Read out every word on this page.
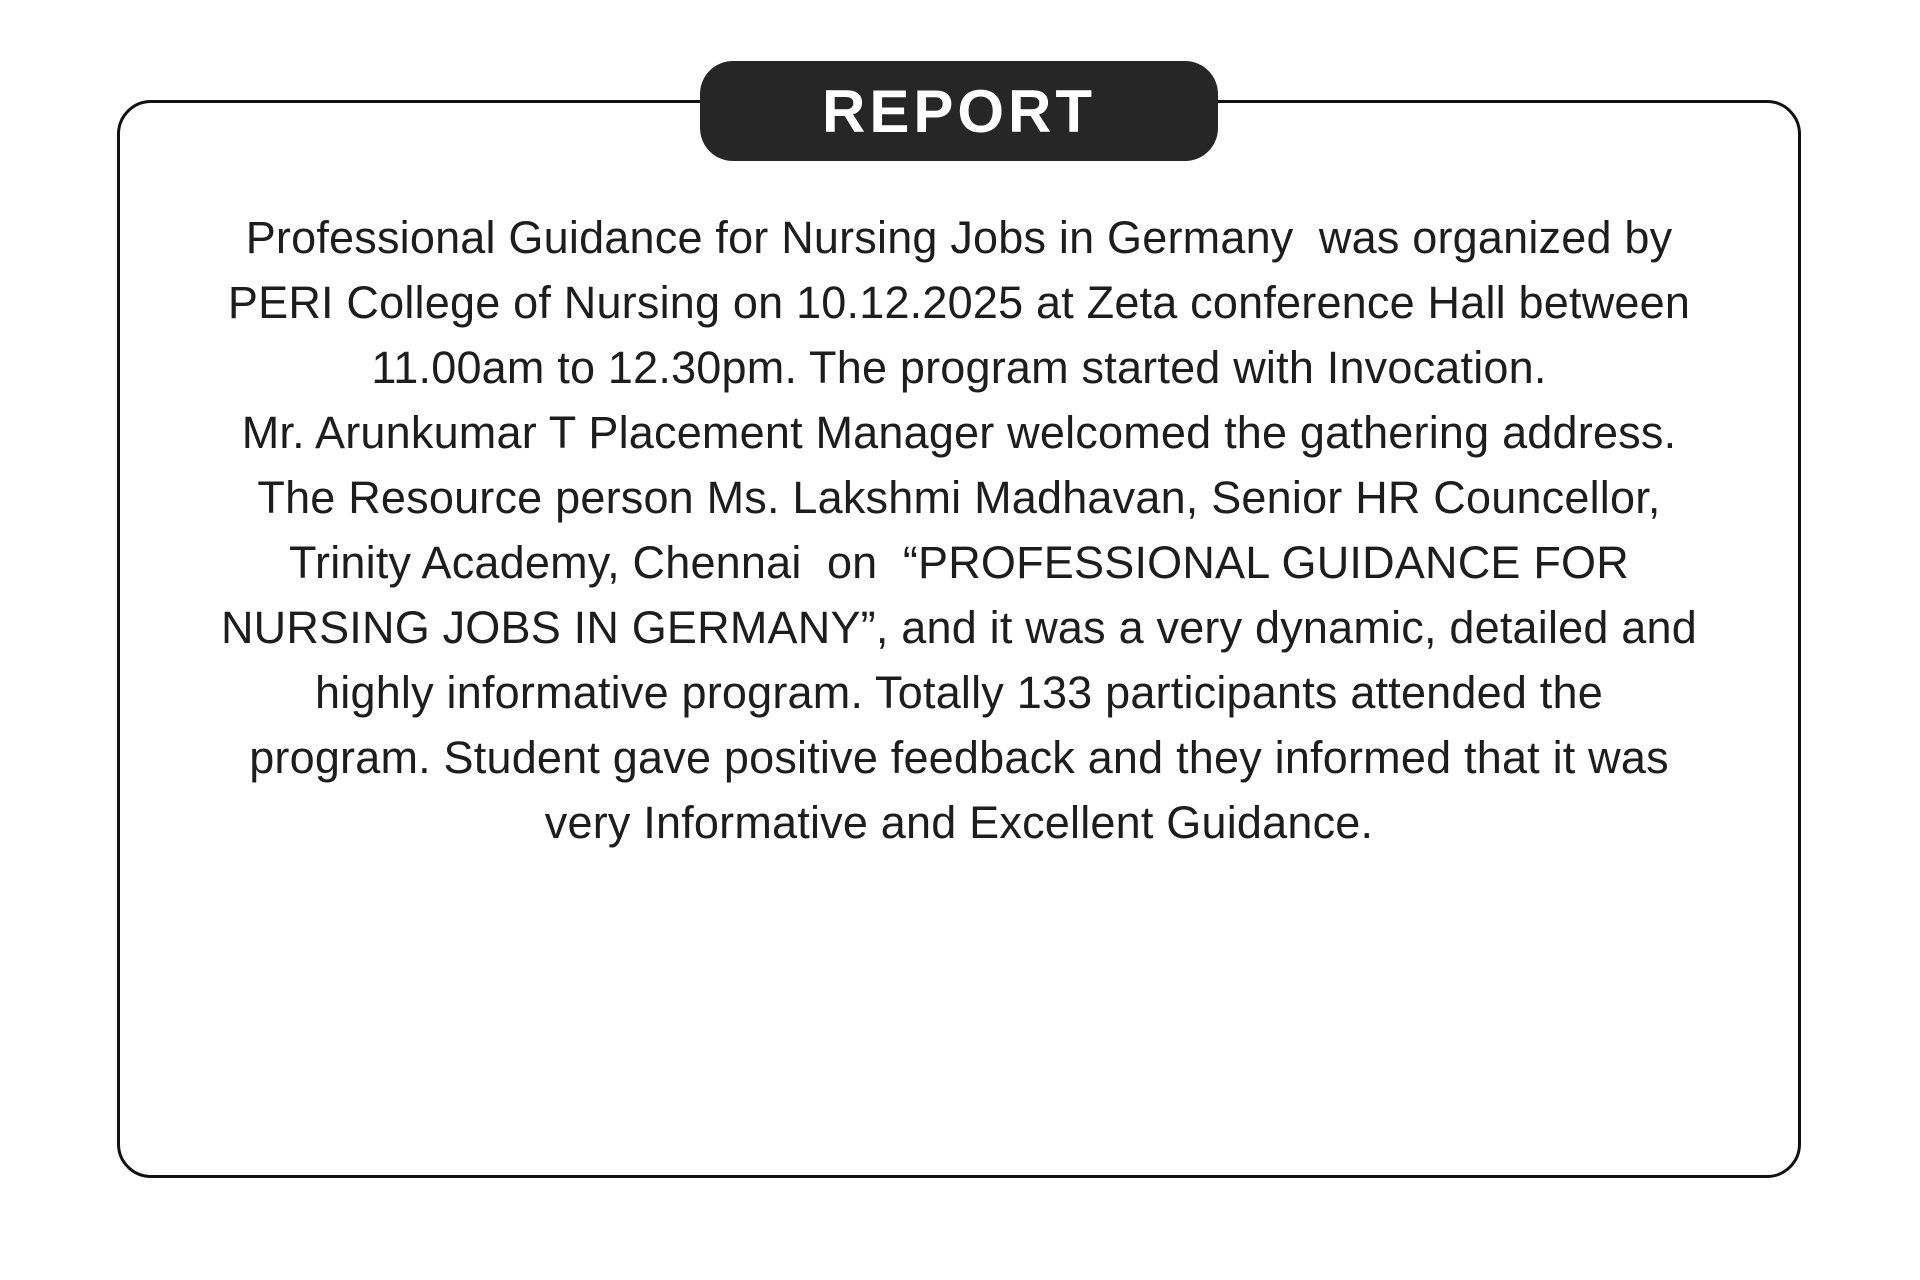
REPORT
Professional Guidance for Nursing Jobs in Germany  was organized by
PERI College of Nursing on 10.12.2025 at Zeta conference Hall between
11.00am to 12.30pm. The program started with Invocation.
Mr. Arunkumar T Placement Manager welcomed the gathering address.
The Resource person Ms. Lakshmi Madhavan, Senior HR Councellor,
Trinity Academy, Chennai  on  “PROFESSIONAL GUIDANCE FOR
NURSING JOBS IN GERMANY”, and it was a very dynamic, detailed and
highly informative program. Totally 133 participants attended the
program. Student gave positive feedback and they informed that it was
very Informative and Excellent Guidance.
